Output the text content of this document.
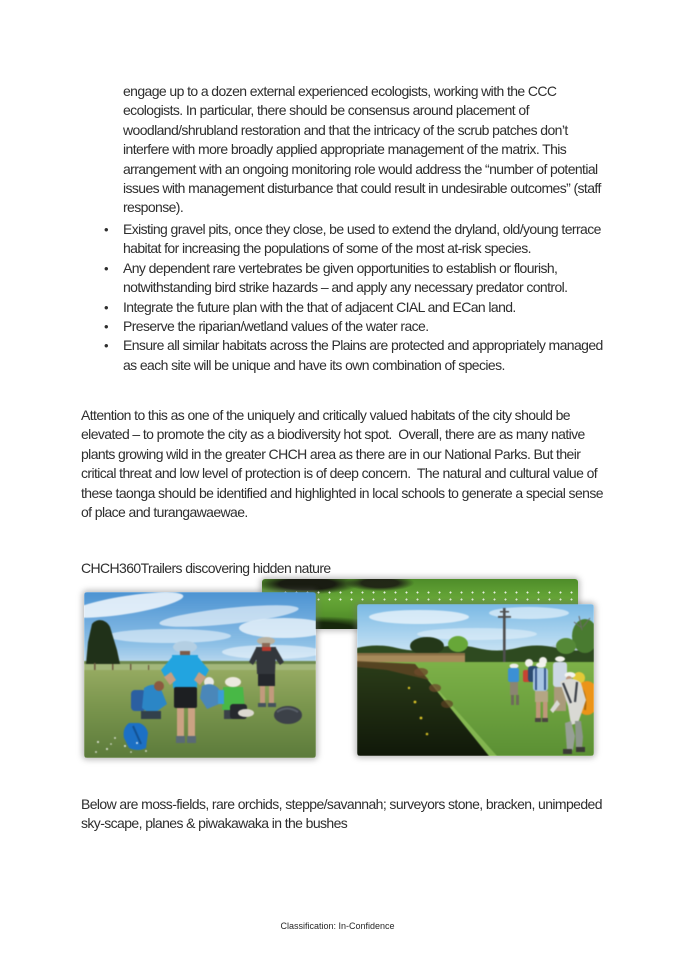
engage up to a dozen external experienced ecologists, working with the CCC ecologists. In particular, there should be consensus around placement of woodland/shrubland restoration and that the intricacy of the scrub patches don’t interfere with more broadly applied appropriate management of the matrix. This arrangement with an ongoing monitoring role would address the “number of potential issues with management disturbance that could result in undesirable outcomes” (staff response).
•	Existing gravel pits, once they close, be used to extend the dryland, old/young terrace habitat for increasing the populations of some of the most at-risk species.
•	Any dependent rare vertebrates be given opportunities to establish or flourish, notwithstanding bird strike hazards – and apply any necessary predator control.
•	Integrate the future plan with the that of adjacent CIAL and ECan land.
•	Preserve the riparian/wetland values of the water race.
•	Ensure all similar habitats across the Plains are protected and appropriately managed as each site will be unique and have its own combination of species.
Attention to this as one of the uniquely and critically valued habitats of the city should be elevated – to promote the city as a biodiversity hot spot.  Overall, there are as many native plants growing wild in the greater CHCH area as there are in our National Parks. But their critical threat and low level of protection is of deep concern.  The natural and cultural value of these taonga should be identified and highlighted in local schools to generate a special sense of place and turangawaewae.
CHCH360Trailers discovering hidden nature
Below are moss-fields, rare orchids, steppe/savannah; surveyors stone, bracken, unimpeded sky-scape, planes & piwakawaka in the bushes
Classification: In-Confidence
